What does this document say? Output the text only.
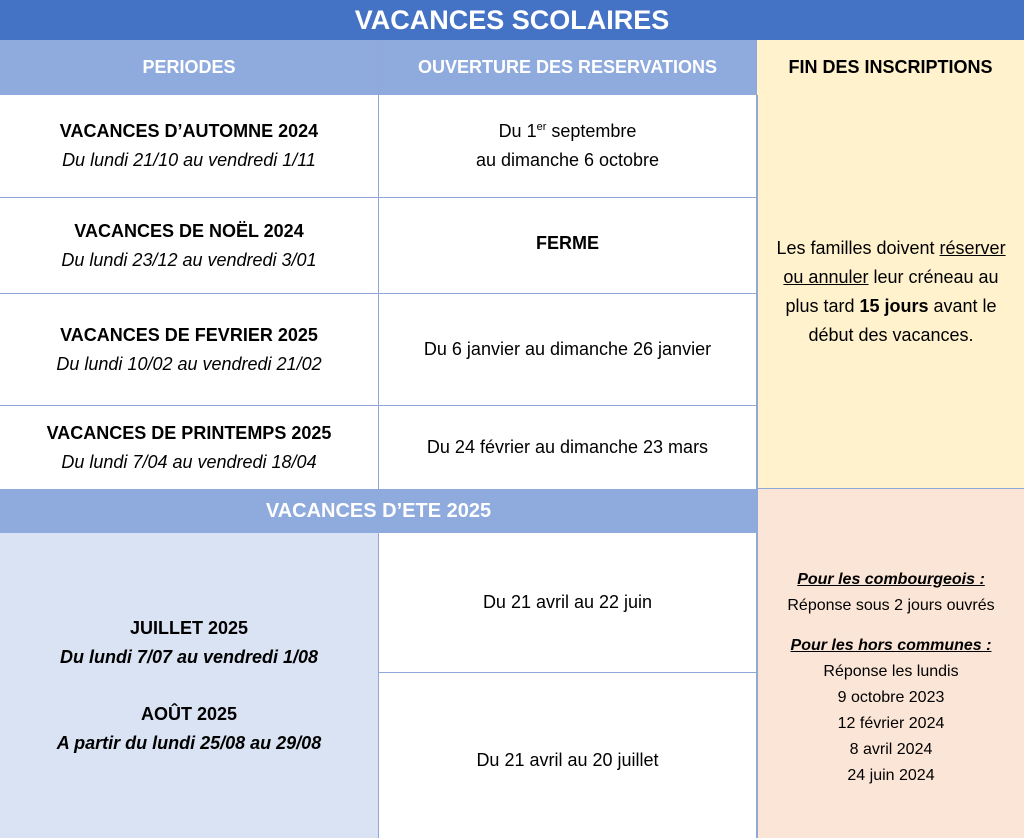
VACANCES SCOLAIRES
PERIODES	OUVERTURE DES RESERVATIONS	FIN DES INSCRIPTIONS
VACANCES D’AUTOMNE 2024
Du lundi 21/10 au vendredi 1/11
Du 1er septembre
au dimanche 6 octobre
VACANCES DE NOËL 2024
Du lundi 23/12 au vendredi 3/01
FERME
VACANCES DE FEVRIER 2025
Du lundi 10/02 au vendredi 21/02
Du 6 janvier au dimanche 26 janvier
VACANCES DE PRINTEMPS 2025
Du lundi 7/04 au vendredi 18/04
Du 24 février au dimanche 23 mars
Les familles doivent réserver ou annuler leur créneau au plus tard 15 jours avant le début des vacances.
VACANCES D’ETE 2025
JUILLET 2025
Du lundi 7/07 au vendredi 1/08
AOÛT 2025
A partir du lundi 25/08 au 29/08
Du 21 avril au 22 juin
Du 21 avril au 20 juillet
Pour les combourgeois :
Réponse sous 2 jours ouvrés
Pour les hors communes :
Réponse les lundis
9 octobre 2023
12 février 2024
8 avril 2024
24 juin 2024
